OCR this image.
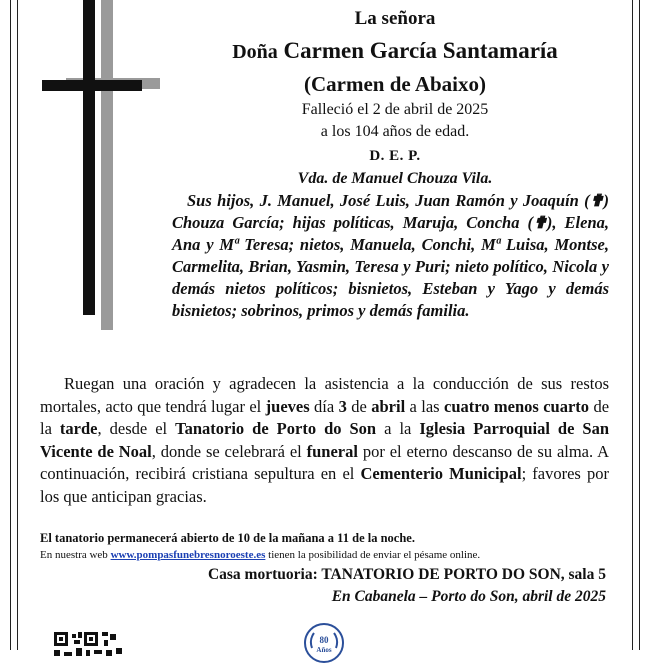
La señora
Doña Carmen García Santamaría
(Carmen de Abaixo)
Falleció el 2 de abril de 2025
a los 104 años de edad.
D. E. P.
Vda. de Manuel Chouza Vila.
Sus hijos, J. Manuel, José Luis, Juan Ramón y Joaquín (✟) Chouza García; hijas políticas, Maruja, Concha (✟), Elena, Ana y Mª Teresa; nietos, Manuela, Conchi, Mª Luisa, Montse, Carmelita, Brian, Yasmin, Teresa y Puri; nieto político, Nicola y demás nietos políticos; bisnietos, Esteban y Yago y demás bisnietos; sobrinos, primos y demás familia.
Ruegan una oración y agradecen la asistencia a la conducción de sus restos mortales, acto que tendrá lugar el jueves día 3 de abril a las cuatro menos cuarto de la tarde, desde el Tanatorio de Porto do Son a la Iglesia Parroquial de San Vicente de Noal, donde se celebrará el funeral por el eterno descanso de su alma. A continuación, recibirá cristiana sepultura en el Cementerio Municipal; favores por los que anticipan gracias.
El tanatorio permanecerá abierto de 10 de la mañana a 11 de la noche.
En nuestra web www.pompasfunebresnoroeste.es tienen la posibilidad de enviar el pésame online.
Casa mortuoria: TANATORIO DE PORTO DO SON, sala 5
En Cabanela – Porto do Son, abril de 2025
80
Años
